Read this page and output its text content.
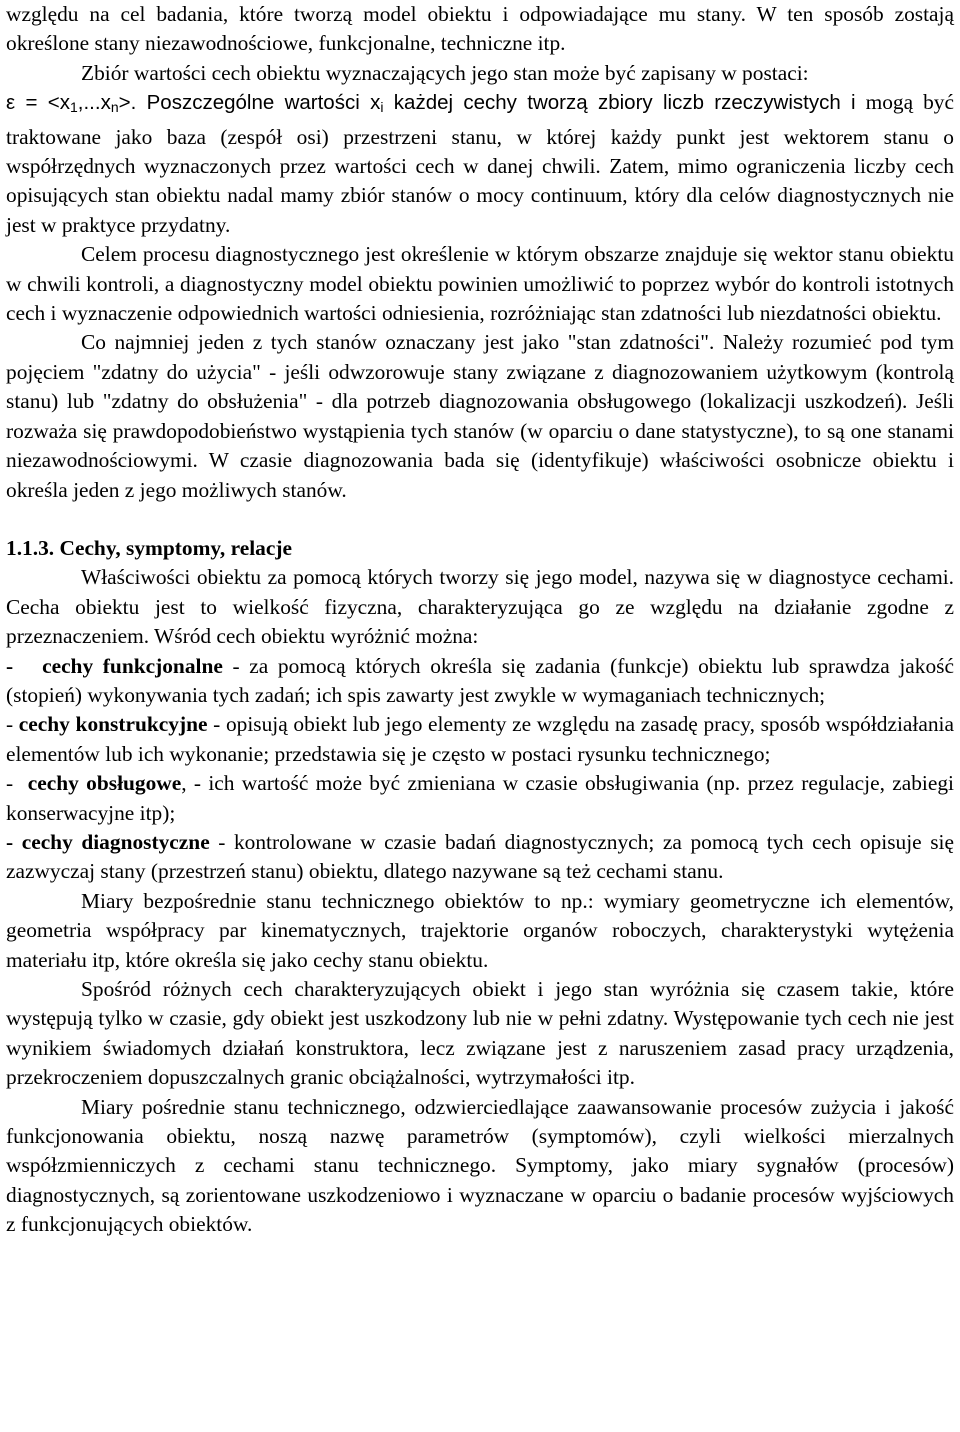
względu na cel badania, które tworzą model obiektu i odpowiadające mu stany. W ten sposób zostają określone stany niezawodnościowe, funkcjonalne, techniczne itp.

Zbiór wartości cech obiektu wyznaczających jego stan może być zapisany w postaci:
$\varepsilon = <x_1,...x_n>$. Poszczególne wartości $x_i$ każdej cechy tworzą zbiory liczb rzeczywistych i mogą być traktowane jako baza (zespół osi) przestrzeni stanu, w której każdy punkt jest wektorem stanu o współrzędnych wyznaczonych przez wartości cech w danej chwili. Zatem, mimo ograniczenia liczby cech opisujących stan obiektu nadal mamy zbiór stanów o mocy continuum, który dla celów diagnostycznych nie jest w praktyce przydatny.

Celem procesu diagnostycznego jest określenie w którym obszarze znajduje się wektor stanu obiektu w chwili kontroli, a diagnostyczny model obiektu powinien umożliwić to poprzez wybór do kontroli istotnych cech i wyznaczenie odpowiednich wartości odniesienia, rozróżniając stan zdatności lub niezdatności obiektu.

Co najmniej jeden z tych stanów oznaczany jest jako "stan zdatności". Należy rozumieć pod tym pojęciem "zdatny do użycia" - jeśli odwzorowuje stany związane z diagnozowaniem użytkowym (kontrolą stanu) lub "zdatny do obsłużenia" - dla potrzeb diagnozowania obsługowego (lokalizacji uszkodzeń). Jeśli rozważa się prawdopodobieństwo wystąpienia tych stanów (w oparciu o dane statystyczne), to są one stanami niezawodnościowymi. W czasie diagnozowania bada się (identyfikuje) właściwości osobnicze obiektu i określa jeden z jego możliwych stanów.

1.1.3. Cechy, symptomy, relacje

Właściwości obiektu za pomocą których tworzy się jego model, nazywa się w diagnostyce cechami. Cecha obiektu jest to wielkość fizyczna, charakteryzująca go ze względu na działanie zgodne z przeznaczeniem. Wśród cech obiektu wyróżnić można:

-   cechy funkcjonalne - za pomocą których określa się zadania (funkcje) obiektu lub sprawdza jakość (stopień) wykonywania tych zadań; ich spis zawarty jest zwykle w wymaganiach technicznych;

- cechy konstrukcyjne - opisują obiekt lub jego elementy ze względu na zasadę pracy, sposób współdziałania elementów lub ich wykonanie; przedstawia się je często w postaci rysunku technicznego;

-  cechy obsługowe, - ich wartość może być zmieniana w czasie obsługiwania (np. przez regulacje, zabiegi konserwacyjne itp);

- cechy diagnostyczne - kontrolowane w czasie badań diagnostycznych; za pomocą tych cech opisuje się zazwyczaj stany (przestrzeń stanu) obiektu, dlatego nazywane są też cechami stanu.

Miary bezpośrednie stanu technicznego obiektów to np.: wymiary geometryczne ich elementów, geometria współpracy par kinematycznych, trajektorie organów roboczych, charakterystyki wytężenia materiału itp, które określa się jako cechy stanu obiektu.

Spośród różnych cech charakteryzujących obiekt i jego stan wyróżnia się czasem takie, które występują tylko w czasie, gdy obiekt jest uszkodzony lub nie w pełni zdatny. Występowanie tych cech nie jest wynikiem świadomych działań konstruktora, lecz związane jest z naruszeniem zasad pracy urządzenia, przekroczeniem dopuszczalnych granic obciążalności, wytrzymałości itp.

Miary pośrednie stanu technicznego, odzwierciedlające zaawansowanie procesów zużycia i jakość funkcjonowania obiektu, noszą nazwę parametrów (symptomów), czyli wielkości mierzalnych współzmienniczych z cechami stanu technicznego. Symptomy, jako miary sygnałów (procesów) diagnostycznych, są zorientowane uszkodzeniowo i wyznaczane w oparciu o badanie procesów wyjściowych z funkcjonujących obiektów.
